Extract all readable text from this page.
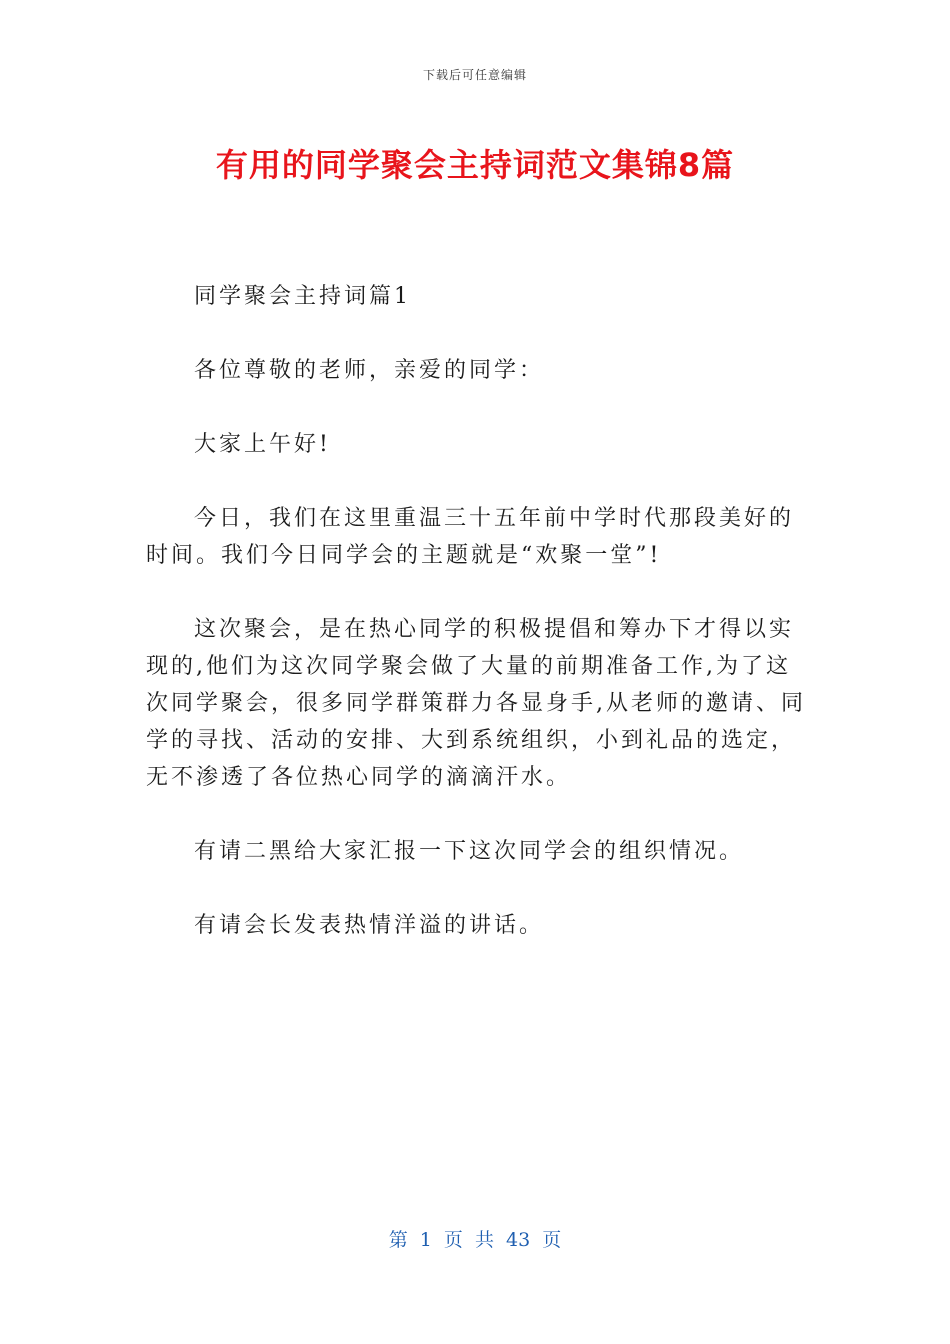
下载后可任意编辑
有用的同学聚会主持词范文集锦8篇

同学聚会主持词篇1

各位尊敬的老师，亲爱的同学：

大家上午好!

今日，我们在这里重温三十五年前中学时代那段美好的时间。我们今日同学会的主题就是“欢聚一堂”!

这次聚会，是在热心同学的积极提倡和筹办下才得以实现的,他们为这次同学聚会做了大量的前期准备工作,为了这次同学聚会，很多同学群策群力各显身手,从老师的邀请、同学的寻找、活动的安排、大到系统组织，小到礼品的选定，无不渗透了各位热心同学的滴滴汗水。

有请二黑给大家汇报一下这次同学会的组织情况。

有请会长发表热情洋溢的讲话。

第 1 页 共 43 页
